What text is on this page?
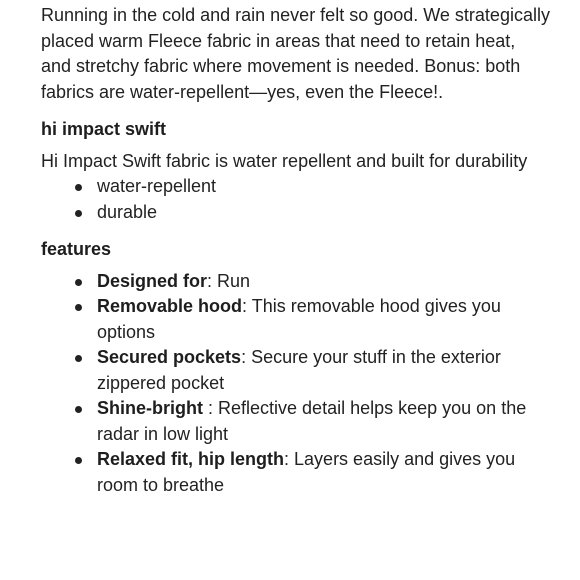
Running in the cold and rain never felt so good. We strategically placed warm Fleece fabric in areas that need to retain heat, and stretchy fabric where movement is needed. Bonus: both fabrics are water-repellent—yes, even the Fleece!.

hi impact swift

Hi Impact Swift fabric is water repellent and built for durability

water-repellent
durable
features
Designed for: Run
Removable hood: This removable hood gives you options
Secured pockets: Secure your stuff in the exterior zippered pocket
Shine-bright : Reflective detail helps keep you on the radar in low light
Relaxed fit, hip length: Layers easily and gives you room to breathe
